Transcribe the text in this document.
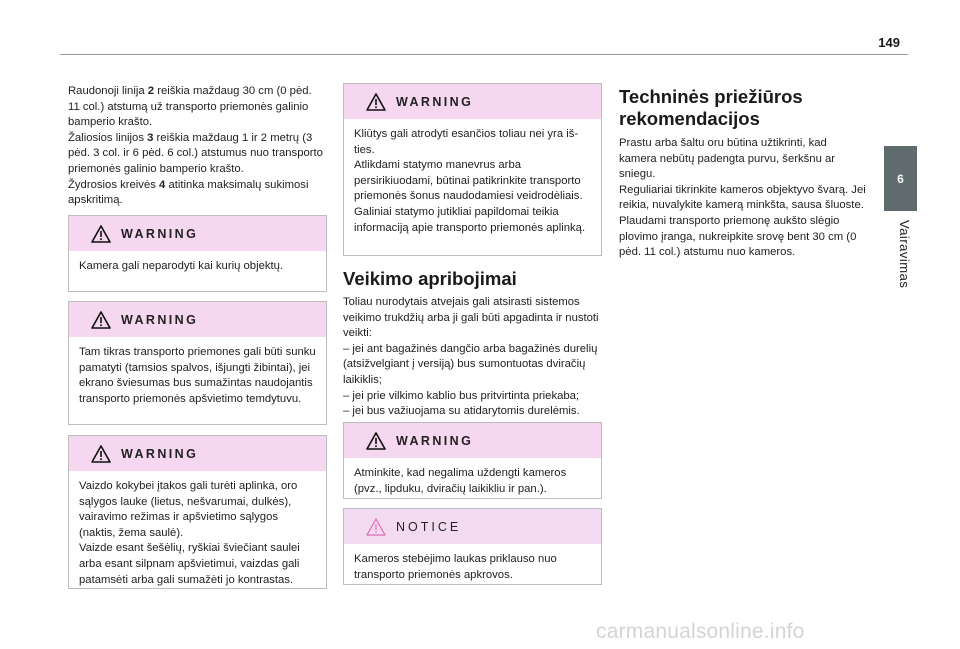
149
6
Vairavimas

Raudonoji linija 2 reiškia maždaug 30 cm (0 pėd. 11 col.) atstumą už transporto priemonės galinio bamperio krašto.
Žaliosios linijos 3 reiškia maždaug 1 ir 2 metrų (3 pėd. 3 col. ir 6 pėd. 6 col.) atstumus nuo transporto priemonės galinio bamperio krašto.
Žydrosios kreivės 4 atitinka maksimalų sukimosi apskritimą.

WARNING
Kamera gali neparodyti kai kurių objektų.
WARNING
Tam tikras transporto priemones gali būti sunku pamatyti (tamsios spalvos, išjungti žibintai), jei ekrano šviesumas bus sumažintas naudojantis transporto priemonės apšvietimo temdytuvu.
WARNING
Vaizdo kokybei įtakos gali turėti aplinka, oro sąlygos lauke (lietus, nešvarumai, dulkės), vairavimo režimas ir apšvietimo sąlygos (naktis, žema saulė).
Vaizde esant šešėlių, ryškiai šviečiant saulei arba esant silpnam apšvietimui, vaizdas gali patamsėti arba gali sumažėti jo kontrastas.
WARNING
Kliūtys gali atrodyti esančios toliau nei yra išties.
Atlikdami statymo manevrus arba persirikiuodami, būtinai patikrinkite transporto priemonės šonus naudodamiesi veidrodėliais.
Galiniai statymo jutikliai papildomai teikia informaciją apie transporto priemonės aplinką.
Veikimo apribojimai

Toliau nurodytais atvejais gali atsirasti sistemos veikimo trukdžių arba ji gali būti apgadinta ir nustoti veikti:
– jei ant bagažinės dangčio arba bagažinės durelių (atsižvelgiant į versiją) bus sumontuotas dviračių laikiklis;
– jei prie vilkimo kablio bus pritvirtinta priekaba;
– jei bus važiuojama su atidarytomis durelėmis.

WARNING
Atminkite, kad negalima uždengti kameros (pvz., lipduku, dviračių laikikliu ir pan.).
NOTICE
Kameros stebėjimo laukas priklauso nuo transporto priemonės apkrovos.
Techninės priežiūros rekomendacijos

Prastu arba šaltu oru būtina užtikrinti, kad kamera nebūtų padengta purvu, šerkšnu ar sniegu.
Reguliariai tikrinkite kameros objektyvo švarą. Jei reikia, nuvalykite kamerą minkšta, sausa šluoste.
Plaudami transporto priemonę aukšto slėgio plovimo įranga, nukreipkite srovę bent 30 cm (0 pėd. 11 col.) atstumu nuo kameros.

carmanualsonline.info
